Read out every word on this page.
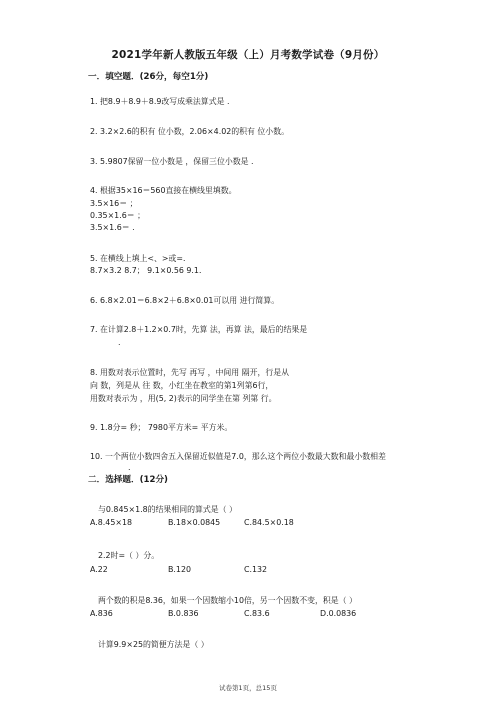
2021学年新人教版五年级（上）月考数学试卷（9月份）
一．填空题．(26分，每空1分)
1. 把8.9＋8.9＋8.9改写成乘法算式是 .
2. 3.2×2.6的积有 位小数，2.06×4.02的积有 位小数。
3. 5.9807保留一位小数是 ，保留三位小数是 .
4. 根据35×16＝560直接在横线里填数。
3.5×16＝ ；
0.35×1.6＝ ；
3.5×1.6＝ .
5. 在横线上填上<、>或=．
8.7×3.2 8.7； 9.1×0.56 9.1．
6. 6.8×2.01＝6.8×2＋6.8×0.01可以用 进行简算。
7. 在计算2.8＋1.2×0.7时，先算 法，再算 法，最后的结果是
.
8. 用数对表示位置时，先写 再写 ，中间用 隔开，行是从
向 数，列是从 往 数，小红坐在教室的第1列第6行，
用数对表示为 ，用(5, 2)表示的同学坐在第 列第 行。
9. 1.8分= 秒； 7980平方米= 平方米。
10. 一个两位小数四舍五入保留近似值是7.0，那么这个两位小数最大数和最小数相差
.
二．选择题．(12分)
与0.845×1.8的结果相同的算式是（ ）
A.8.45×18	B.18×0.0845	C.84.5×0.18
2.2时=（ ）分。
A.22	B.120	C.132
两个数的积是8.36，如果一个因数缩小10倍，另一个因数不变，积是（ ）
A.836	B.0.836	C.83.6	D.0.0836
计算9.9×25的简便方法是（ ）
试卷第1页，总15页
